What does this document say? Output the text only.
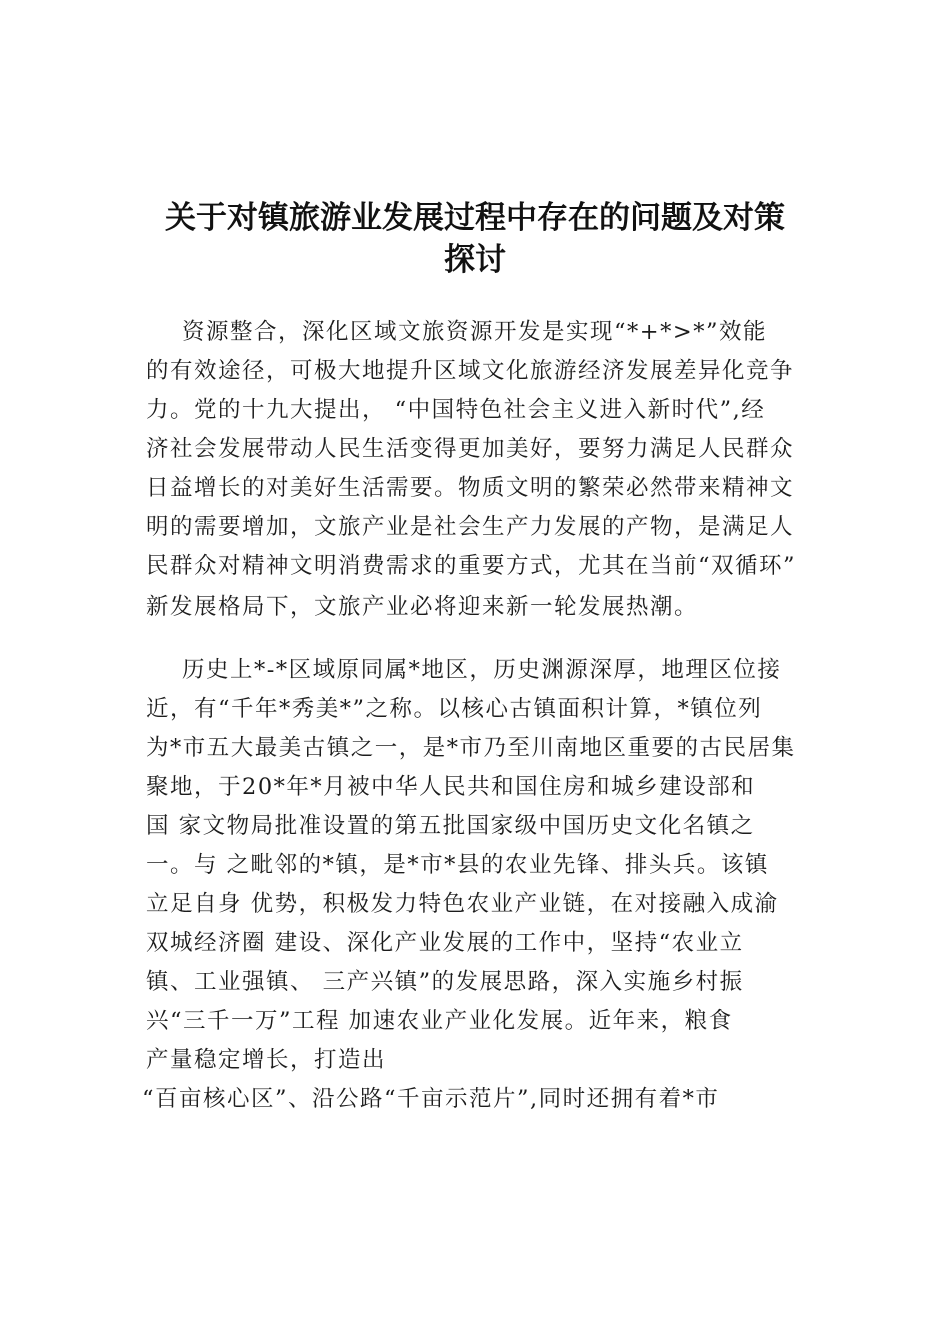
关于对镇旅游业发展过程中存在的问题及对策
探讨

资源整合，深化区域文旅资源开发是实现“*+*>*”效能

的有效途径，可极大地提升区域文化旅游经济发展差异化竞争

力。党的十九大提出， “中国特色社会主义进入新时代”,经

济社会发展带动人民生活变得更加美好，要努力满足人民群众

日益增长的对美好生活需要。物质文明的繁荣必然带来精神文

明的需要增加，文旅产业是社会生产力发展的产物，是满足人

民群众对精神文明消费需求的重要方式，尤其在当前“双循环”

新发展格局下，文旅产业必将迎来新一轮发展热潮。

历史上*-*区域原同属*地区，历史渊源深厚，地理区位接

近，有“千年*秀美*”之称。以核心古镇面积计算，*镇位列

为*市五大最美古镇之一，是*市乃至川南地区重要的古民居集

聚地，于20*年*月被中华人民共和国住房和城乡建设部和

国 家文物局批准设置的第五批国家级中国历史文化名镇之

一。与 之毗邻的*镇，是*市*县的农业先锋、排头兵。该镇

立足自身 优势，积极发力特色农业产业链，在对接融入成渝

双城经济圈 建设、深化产业发展的工作中，坚持“农业立

镇、工业强镇、 三产兴镇”的发展思路，深入实施乡村振

兴“三千一万”工程 加速农业产业化发展。近年来，粮食

产量稳定增长，打造出

“百亩核心区”、沿公路“千亩示范片”,同时还拥有着*市
